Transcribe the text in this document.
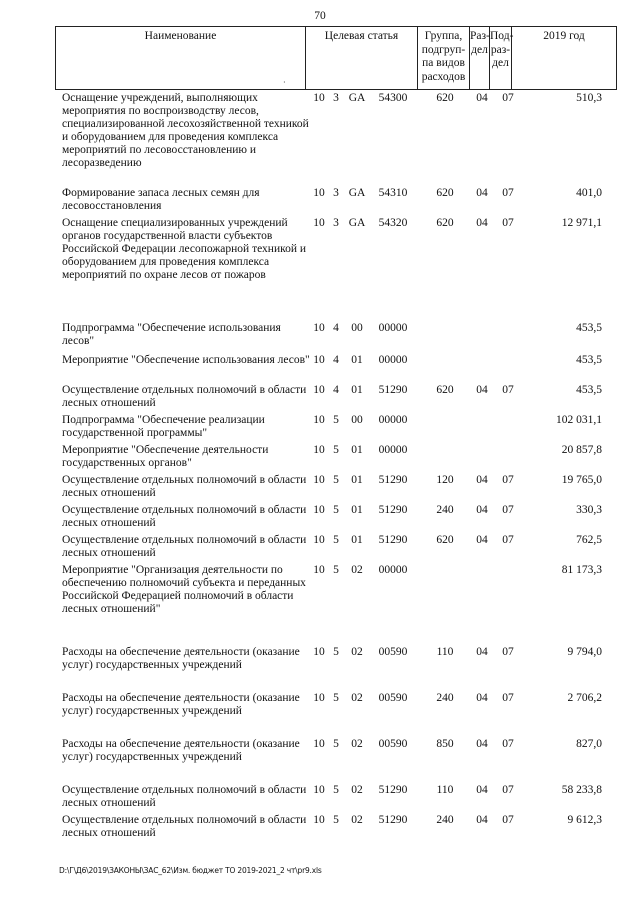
70
Наименование	Целевая статья	Группа,
подгруп-
па видов
расходов
Раз-
дел
Под-
раз-
дел
2019 год
·
Оснащение учреждений, выполняющих мероприятия по воспроизводству лесов, специализированной лесохозяйственной техникой и оборудованием для проведения комплекса мероприятий по лесовосстановлению и лесоразведению
10 3 GA	54300	620	04	07	510,3
Формирование запаса лесных семян для лесовосстановления
10 3 GA	54310	620	04	07	401,0
Оснащение специализированных учреждений органов государственной власти субъектов Российской Федерации лесопожарной техникой и оборудованием для проведения комплекса мероприятий по охране лесов от пожаров
10 3 GA	54320	620	04	07	12 971,1
Подпрограмма "Обеспечение использования лесов"
10 4	00	00000	453,5
Мероприятие "Обеспечение использования лесов" 10 4	01	00000	453,5
Осуществление отдельных полномочий в области лесных отношений
10 4	01	51290	620	04	07	453,5
Подпрограмма "Обеспечение реализации государственной программы"
10 5	00	00000	102 031,1
Мероприятие "Обеспечение деятельности государственных органов"
10 5	01	00000	20 857,8
Осуществление отдельных полномочий в области лесных отношений
10 5	01	51290	120	04	07	19 765,0
Осуществление отдельных полномочий в области лесных отношений
10 5	01	51290	240	04	07	330,3
Осуществление отдельных полномочий в области лесных отношений
10 5	01	51290	620	04	07	762,5
Мероприятие "Организация деятельности по обеспечению полномочий субъекта и переданных Российской Федерацией полномочий в области лесных отношений"
10 5	02	00000	81 173,3
Расходы на обеспечение деятельности (оказание услуг) государственных учреждений
10 5	02	00590	110	04	07	9 794,0
Расходы на обеспечение деятельности (оказание услуг) государственных учреждений
10 5	02	00590	240	04	07	2 706,2
Расходы на обеспечение деятельности (оказание услуг) государственных учреждений
10 5	02	00590	850	04	07	827,0
Осуществление отдельных полномочий в области лесных отношений
10 5	02	51290	110	04	07	58 233,8
Осуществление отдельных полномочий в области лесных отношений
10 5	02	51290	240	04	07	9 612,3
D:\Г\Д6\2019\ЗАКОНЫ\ЗАС_62\Изм. бюджет ТО 2019-2021_2 чт\pr9.xls
